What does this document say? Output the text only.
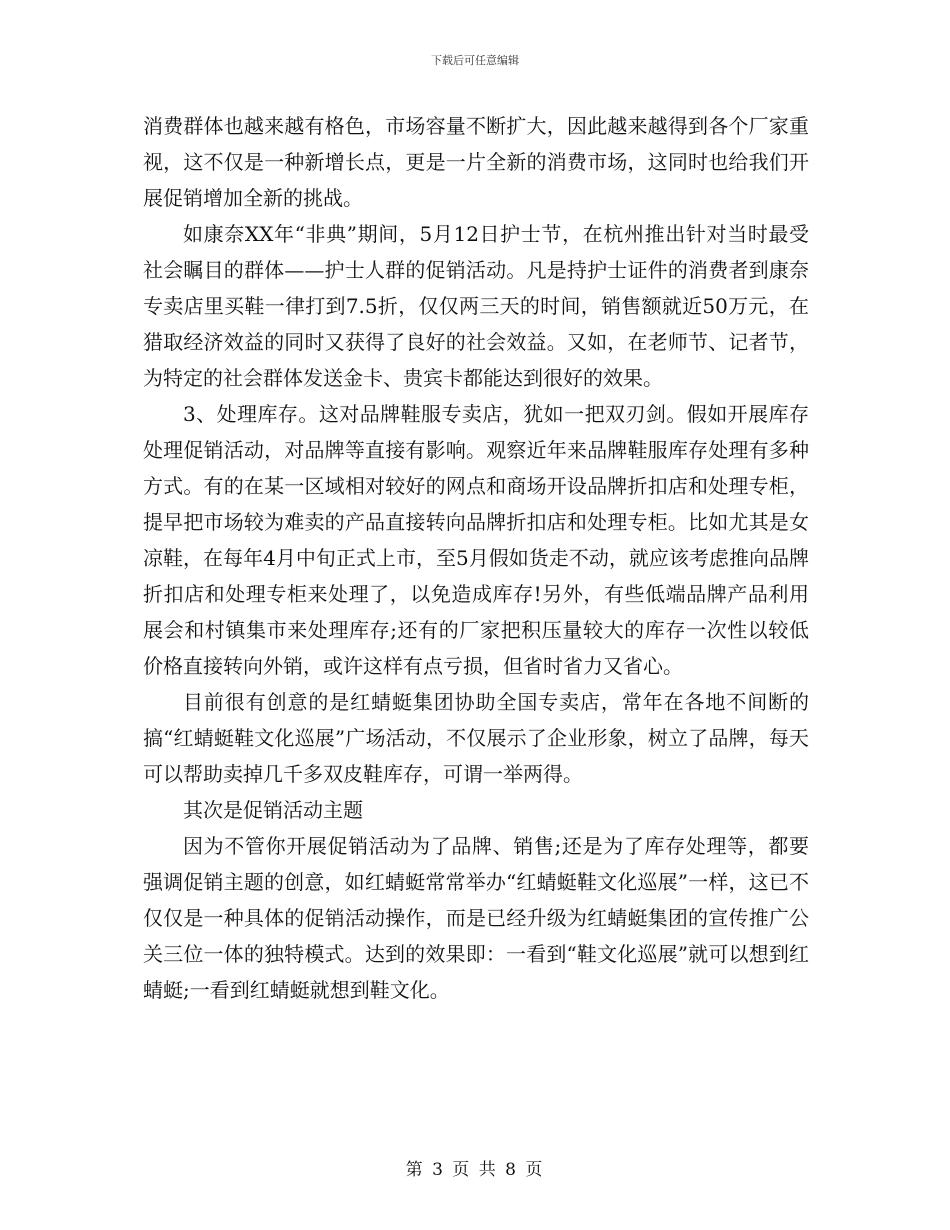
下载后可任意编辑

消费群体也越来越有格色，市场容量不断扩大，因此越来越得到各个厂家重视，这不仅是一种新增长点，更是一片全新的消费市场，这同时也给我们开展促销增加全新的挑战。

如康奈XX年“非典”期间，5月12日护士节，在杭州推出针对当时最受社会瞩目的群体——护士人群的促销活动。凡是持护士证件的消费者到康奈专卖店里买鞋一律打到7.5折，仅仅两三天的时间，销售额就近50万元，在猎取经济效益的同时又获得了良好的社会效益。又如，在老师节、记者节，为特定的社会群体发送金卡、贵宾卡都能达到很好的效果。

3、处理库存。这对品牌鞋服专卖店，犹如一把双刃剑。假如开展库存处理促销活动，对品牌等直接有影响。观察近年来品牌鞋服库存处理有多种方式。有的在某一区域相对较好的网点和商场开设品牌折扣店和处理专柜，提早把市场较为难卖的产品直接转向品牌折扣店和处理专柜。比如尤其是女凉鞋，在每年4月中旬正式上市，至5月假如货走不动，就应该考虑推向品牌折扣店和处理专柜来处理了，以免造成库存!另外，有些低端品牌产品利用展会和村镇集市来处理库存;还有的厂家把积压量较大的库存一次性以较低价格直接转向外销，或许这样有点亏损，但省时省力又省心。

目前很有创意的是红蜻蜓集团协助全国专卖店，常年在各地不间断的搞“红蜻蜓鞋文化巡展”广场活动，不仅展示了企业形象，树立了品牌，每天可以帮助卖掉几千多双皮鞋库存，可谓一举两得。

其次是促销活动主题

因为不管你开展促销活动为了品牌、销售;还是为了库存处理等，都要强调促销主题的创意，如红蜻蜓常常举办“红蜻蜓鞋文化巡展”一样，这已不仅仅是一种具体的促销活动操作，而是已经升级为红蜻蜓集团的宣传推广公关三位一体的独特模式。达到的效果即：一看到“鞋文化巡展”就可以想到红蜻蜓;一看到红蜻蜓就想到鞋文化。

第 3 页 共 8 页
